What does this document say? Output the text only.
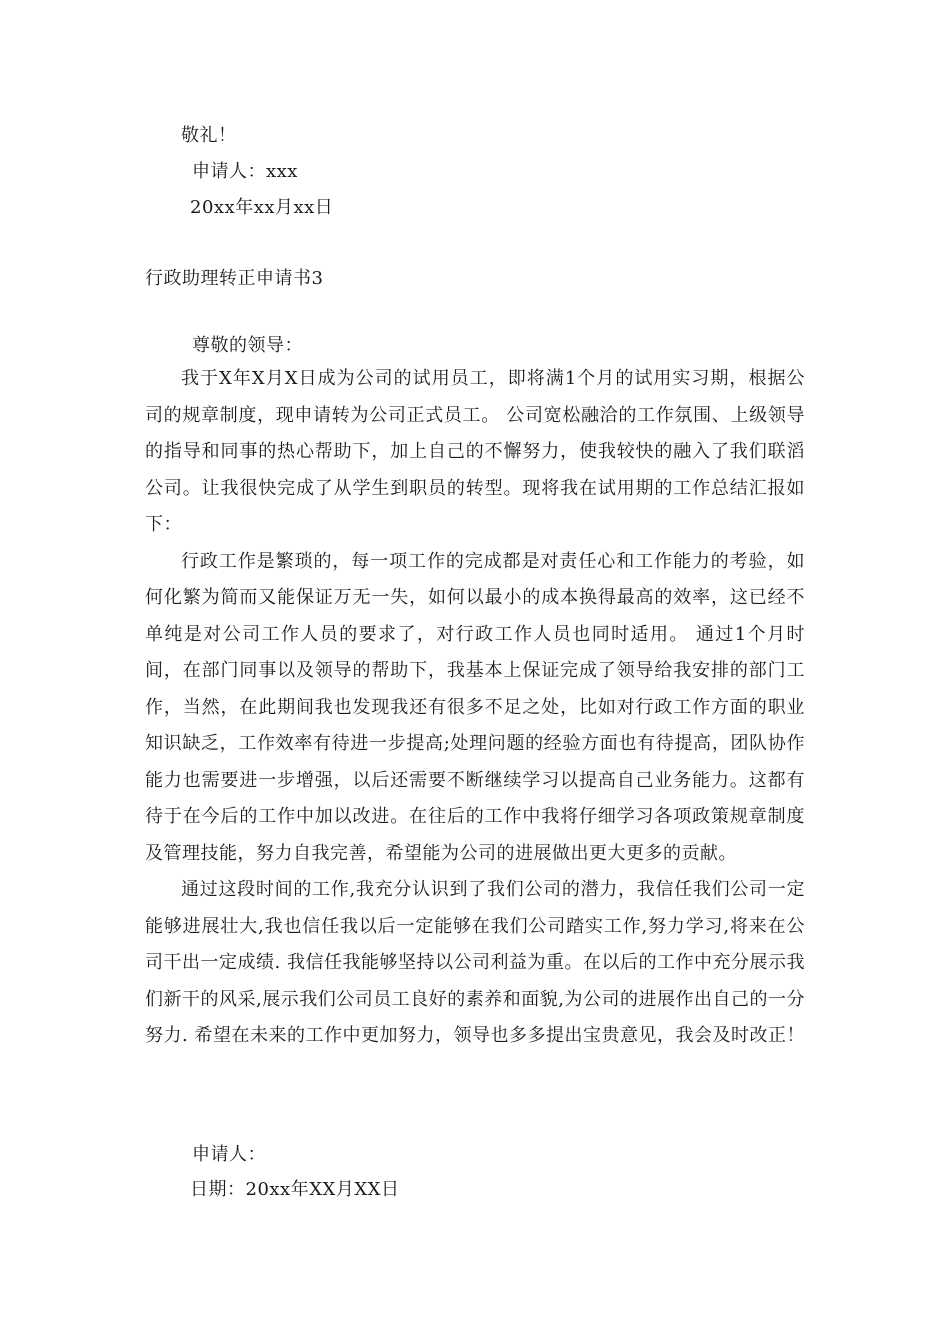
敬礼！
申请人：xxx
20xx年xx月xx日
行政助理转正申请书3
尊敬的领导：

我于X年X月X日成为公司的试用员工，即将满1个月的试用实习期，根据公司的规章制度，现申请转为公司正式员工。 公司宽松融洽的工作氛围、上级领导的指导和同事的热心帮助下，加上自己的不懈努力，使我较快的融入了我们联滔公司。让我很快完成了从学生到职员的转型。现将我在试用期的工作总结汇报如下：

行政工作是繁琐的，每一项工作的完成都是对责任心和工作能力的考验，如何化繁为简而又能保证万无一失，如何以最小的成本换得最高的效率，这已经不单纯是对公司工作人员的要求了，对行政工作人员也同时适用。 通过1个月时间，在部门同事以及领导的帮助下，我基本上保证完成了领导给我安排的部门工作，当然，在此期间我也发现我还有很多不足之处，比如对行政工作方面的职业知识缺乏，工作效率有待进一步提高;处理问题的经验方面也有待提高，团队协作能力也需要进一步增强，以后还需要不断继续学习以提高自己业务能力。这都有待于在今后的工作中加以改进。在往后的工作中我将仔细学习各项政策规章制度及管理技能，努力自我完善，希望能为公司的进展做出更大更多的贡献。

通过这段时间的工作,我充分认识到了我们公司的潜力，我信任我们公司一定能够进展壮大,我也信任我以后一定能够在我们公司踏实工作,努力学习,将来在公司干出一定成绩. 我信任我能够坚持以公司利益为重。在以后的工作中充分展示我们新干的风采,展示我们公司员工良好的素养和面貌,为公司的进展作出自己的一分努力. 希望在未来的工作中更加努力，领导也多多提出宝贵意见，我会及时改正！

申请人：
日期：20xx年XX月XX日
